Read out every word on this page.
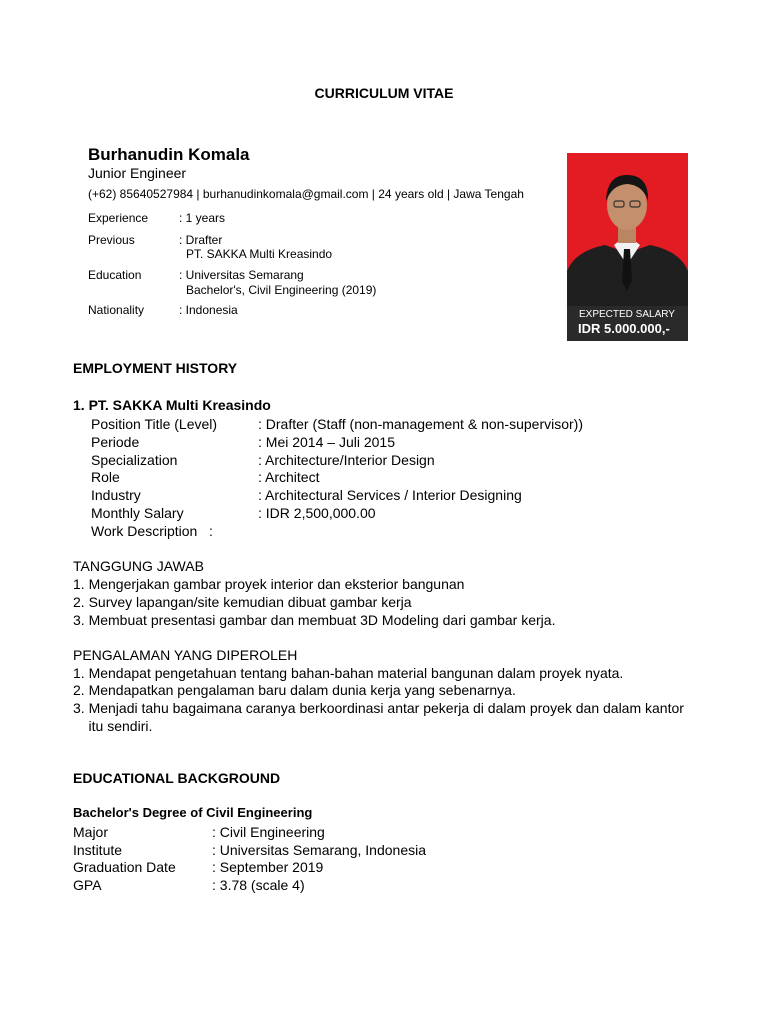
CURRICULUM VITAE
Burhanudin Komala
Junior Engineer
(+62) 85640527984 | burhanudinkomala@gmail.com | 24 years old | Jawa Tengah
Experience	: 1 years
Previous	: Drafter
PT. SAKKA Multi Kreasindo
Education	: Universitas Semarang
Bachelor's, Civil Engineering (2019)
Nationality	: Indonesia	EXPECTED SALARY
IDR 5.000.000,-
EMPLOYMENT HISTORY
1. PT. SAKKA Multi Kreasindo
Position Title (Level)	: Drafter (Staff (non-management & non-supervisor))
Periode	: Mei 2014 – Juli 2015
Specialization	: Architecture/Interior Design
Role	: Architect
Industry	: Architectural Services / Interior Designing
Monthly Salary	: IDR 2,500,000.00
Work Description   :
TANGGUNG JAWAB
1. Mengerjakan gambar proyek interior dan eksterior bangunan
2. Survey lapangan/site kemudian dibuat gambar kerja
3. Membuat presentasi gambar dan membuat 3D Modeling dari gambar kerja.
PENGALAMAN YANG DIPEROLEH
1. Mendapat pengetahuan tentang bahan-bahan material bangunan dalam proyek nyata.
2. Mendapatkan pengalaman baru dalam dunia kerja yang sebenarnya.
3. Menjadi tahu bagaimana caranya berkoordinasi antar pekerja di dalam proyek dan dalam kantor
itu sendiri.
EDUCATIONAL BACKGROUND
Bachelor's Degree of Civil Engineering
Major	: Civil Engineering
Institute	: Universitas Semarang, Indonesia
Graduation Date	: September 2019
GPA	: 3.78 (scale 4)
